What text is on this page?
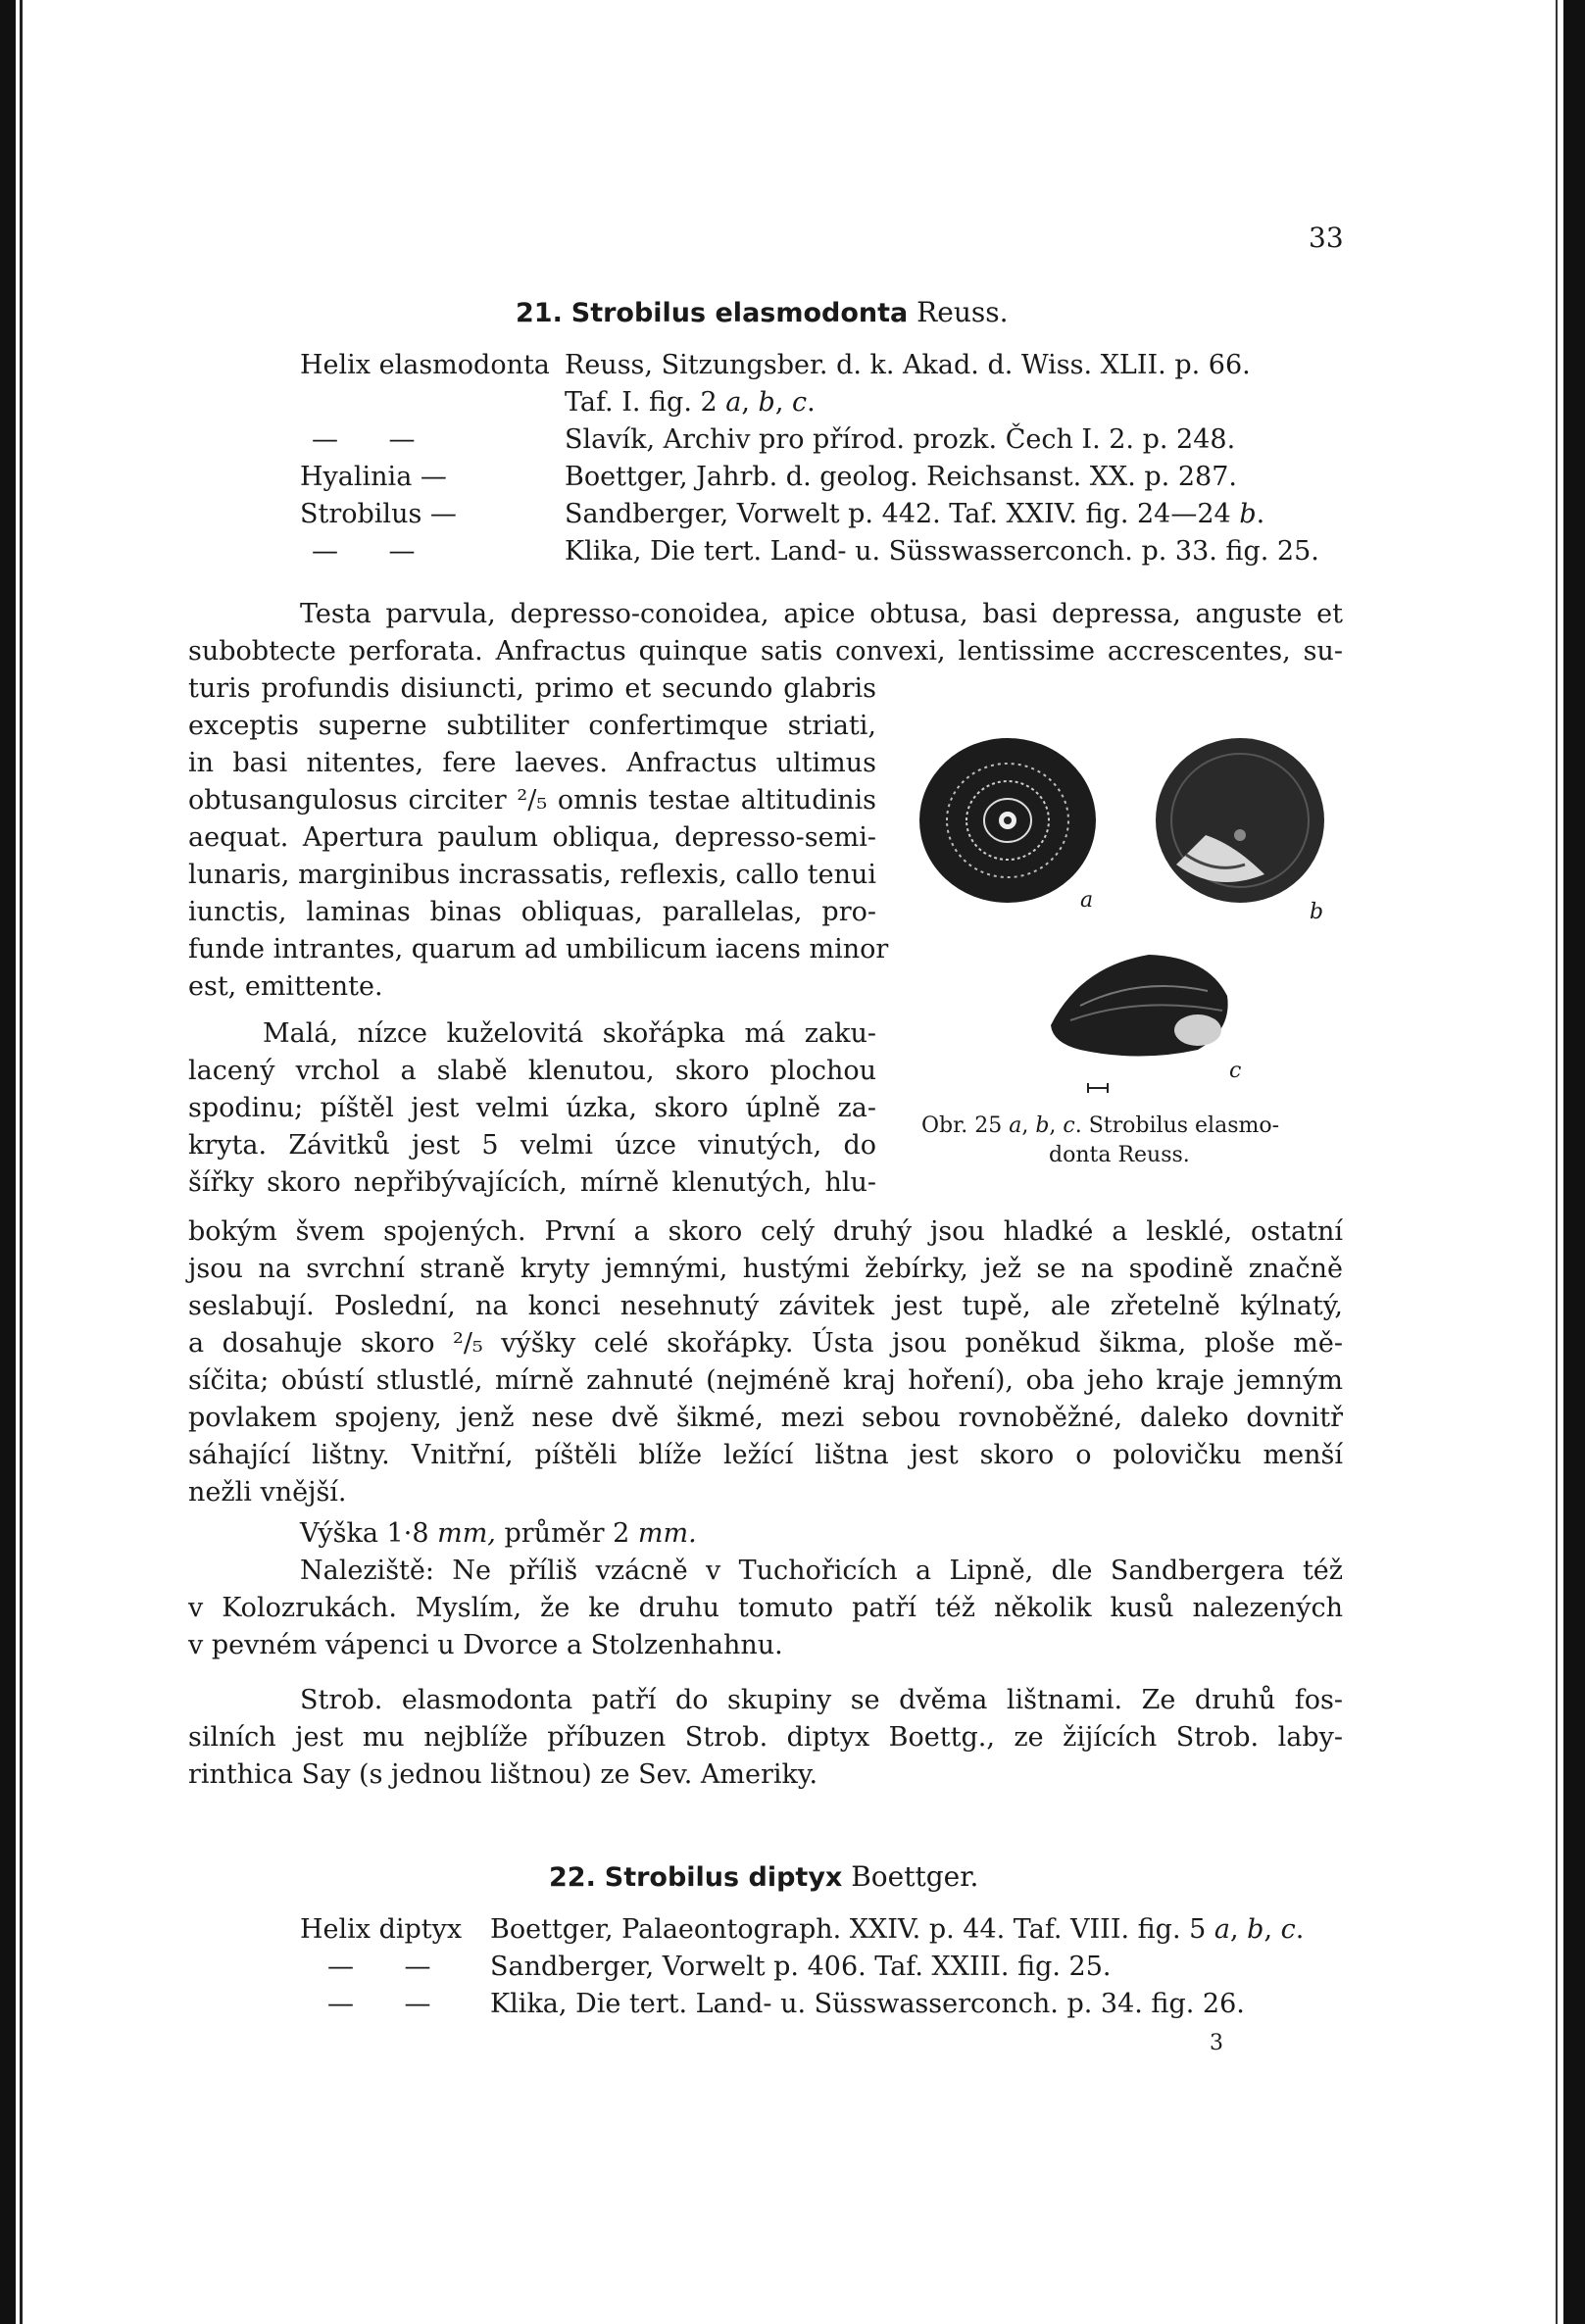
33
21. Strobilus elasmodonta Reuss.
Helix elasmodonta Reuss, Sitzungsber. d. k. Akad. d. Wiss. XLII. p. 66.
Taf. I. fig. 2 a, b, c.
—      —	Slavík, Archiv pro přírod. prozk. Čech I. 2. p. 248.
Hyalinia —	Boettger, Jahrb. d. geolog. Reichsanst. XX. p. 287.
Strobilus —	Sandberger, Vorwelt p. 442. Taf. XXIV. fig. 24—24 b.
—      —	Klika, Die tert. Land- u. Süsswasserconch. p. 33. fig. 25.
Testa parvula, depresso-conoidea, apice obtusa, basi depressa, anguste et
subobtecte perforata. Anfractus quinque satis convexi, lentissime accrescentes, su-
turis profundis disiuncti, primo et secundo glabris
exceptis superne subtiliter confertimque striati,
in basi nitentes, fere laeves. Anfractus ultimus
obtusangulosus circiter ²/₅ omnis testae altitudinis
aequat. Apertura paulum obliqua, depresso-semi-
lunaris, marginibus incrassatis, reflexis, callo tenui
iunctis, laminas binas obliquas, parallelas, pro-
funde intrantes, quarum ad umbilicum iacens minor
est, emittente.
Malá, nízce kuželovitá skořápka má zaku-
lacený vrchol a slabě klenutou, skoro plochou
spodinu; píštěl jest velmi úzka, skoro úplně za-
kryta. Závitků jest 5 velmi úzce vinutých, do
šířky skoro nepřibývajících, mírně klenutých, hlu-
bokým švem spojených. První a skoro celý druhý jsou hladké a lesklé, ostatní
jsou na svrchní straně kryty jemnými, hustými žebírky, jež se na spodině značně
seslabují. Poslední, na konci nesehnutý závitek jest tupě, ale zřetelně kýlnatý,
a dosahuje skoro ²/₅ výšky celé skořápky. Ústa jsou poněkud šikma, ploše mě-
síčita; obústí stlustlé, mírně zahnuté (nejméně kraj hoření), oba jeho kraje jemným
povlakem spojeny, jenž nese dvě šikmé, mezi sebou rovnoběžné, daleko dovnitř
sáhající lištny. Vnitřní, píštěli blíže ležící lištna jest skoro o polovičku menší
nežli vnější.
Výška 1·8 mm, průměr 2 mm.
Naleziště: Ne příliš vzácně v Tuchořicích a Lipně, dle Sandbergera též
v Kolozrukách. Myslím, že ke druhu tomuto patří též několik kusů nalezených
v pevném vápenci u Dvorce a Stolzenhahnu.
Strob. elasmodonta patří do skupiny se dvěma lištnami. Ze druhů fos-
silních jest mu nejblíže příbuzen Strob. diptyx Boettg., ze žijících Strob. laby-
rinthica Say (s jednou lištnou) ze Sev. Ameriky.
a	b
c
Obr. 25 a, b, c. Strobilus elasmo-
donta Reuss.
22. Strobilus diptyx Boettger.
Helix diptyx Boettger, Palaeontograph. XXIV. p. 44. Taf. VIII. fig. 5 a, b, c.
—      — Sandberger, Vorwelt p. 406. Taf. XXIII. fig. 25.
—      — Klika, Die tert. Land- u. Süsswasserconch. p. 34. fig. 26.
3
